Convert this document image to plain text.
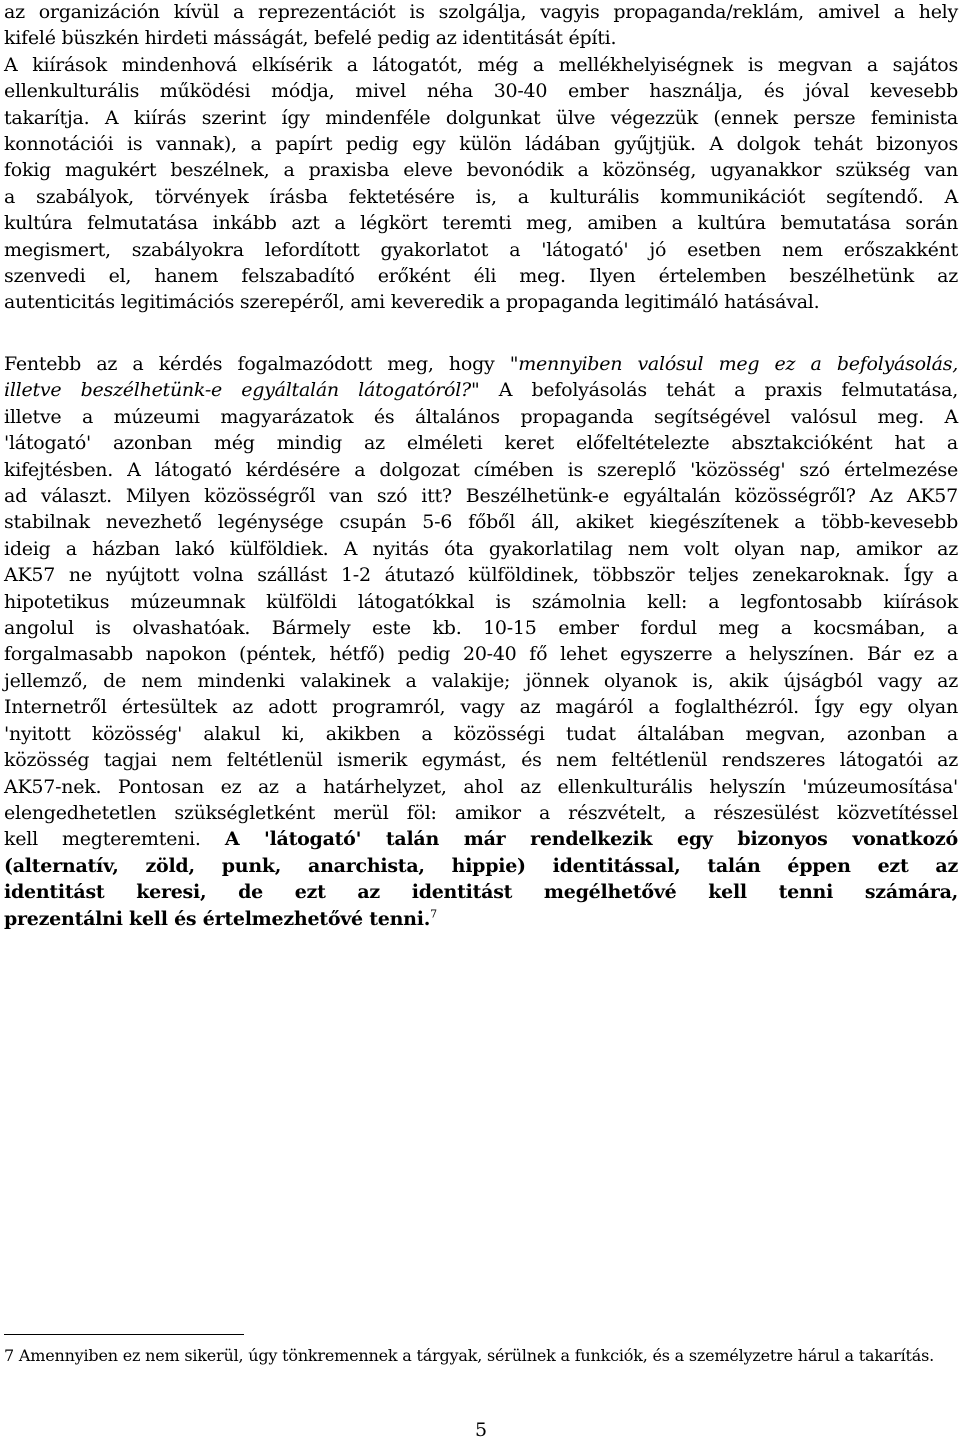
az organizáción kívül a reprezentációt is szolgálja, vagyis propaganda/reklám, amivel a hely
kifelé büszkén hirdeti másságát, befelé pedig az identitását építi.
A kiírások mindenhová elkísérik a látogatót, még a mellékhelyiségnek is megvan a sajátos
ellenkulturális működési módja, mivel néha 30-40 ember használja, és jóval kevesebb
takarítja. A kiírás szerint így mindenféle dolgunkat ülve végezzük (ennek persze feminista
konnotációi is vannak), a papírt pedig egy külön ládában gyűjtjük. A dolgok tehát bizonyos
fokig magukért beszélnek, a praxisba eleve bevonódik a közönség, ugyanakkor szükség van
a szabályok, törvények írásba fektetésére is, a kulturális kommunikációt segítendő. A
kultúra felmutatása inkább azt a légkört teremti meg, amiben a kultúra bemutatása során
megismert, szabályokra lefordított gyakorlatot a 'látogató' jó esetben nem erőszakként
szenvedi el, hanem felszabadító erőként éli meg. Ilyen értelemben beszélhetünk az
autenticitás legitimációs szerepéről, ami keveredik a propaganda legitimáló hatásával.
Fentebb az a kérdés fogalmazódott meg, hogy "mennyiben valósul meg ez a befolyásolás,
illetve beszélhetünk-e egyáltalán látogatóról?" A befolyásolás tehát a praxis felmutatása,
illetve a múzeumi magyarázatok és általános propaganda segítségével valósul meg. A
'látogató' azonban még mindig az elméleti keret előfeltételezte absztakcióként hat a
kifejtésben. A látogató kérdésére a dolgozat címében is szereplő 'közösség' szó értelmezése
ad választ. Milyen közösségről van szó itt? Beszélhetünk-e egyáltalán közösségről? Az AK57
stabilnak nevezhető legénysége csupán 5-6 főből áll, akiket kiegészítenek a több-kevesebb
ideig a házban lakó külföldiek. A nyitás óta gyakorlatilag nem volt olyan nap, amikor az
AK57 ne nyújtott volna szállást 1-2 átutazó külföldinek, többször teljes zenekaroknak. Így a
hipotetikus múzeumnak külföldi látogatókkal is számolnia kell: a legfontosabb kiírások
angolul is olvashatóak. Bármely este kb. 10-15 ember fordul meg a kocsmában, a
forgalmasabb napokon (péntek, hétfő) pedig 20-40 fő lehet egyszerre a helyszínen. Bár ez a
jellemző, de nem mindenki valakinek a valakije; jönnek olyanok is, akik újságból vagy az
Internetről értesültek az adott programról, vagy az magáról a foglalthézról. Így egy olyan
'nyitott közösség' alakul ki, akikben a közösségi tudat általában megvan, azonban a
közösség tagjai nem feltétlenül ismerik egymást, és nem feltétlenül rendszeres látogatói az
AK57-nek. Pontosan ez az a határhelyzet, ahol az ellenkulturális helyszín 'múzeumosítása'
elengedhetetlen szükségletként merül föl: amikor a részvételt, a részesülést közvetítéssel
kell megteremteni. A 'látogató' talán már rendelkezik egy bizonyos vonatkozó
(alternatív, zöld, punk, anarchista, hippie) identitással, talán éppen ezt az
identitást keresi, de ezt az identitást megélhetővé kell tenni számára,
prezentálni kell és értelmezhetővé tenni.$^7$

7 Amennyiben ez nem sikerül, úgy tönkremennek a tárgyak, sérülnek a funkciók, és a személyzetre hárul a takarítás.

5
